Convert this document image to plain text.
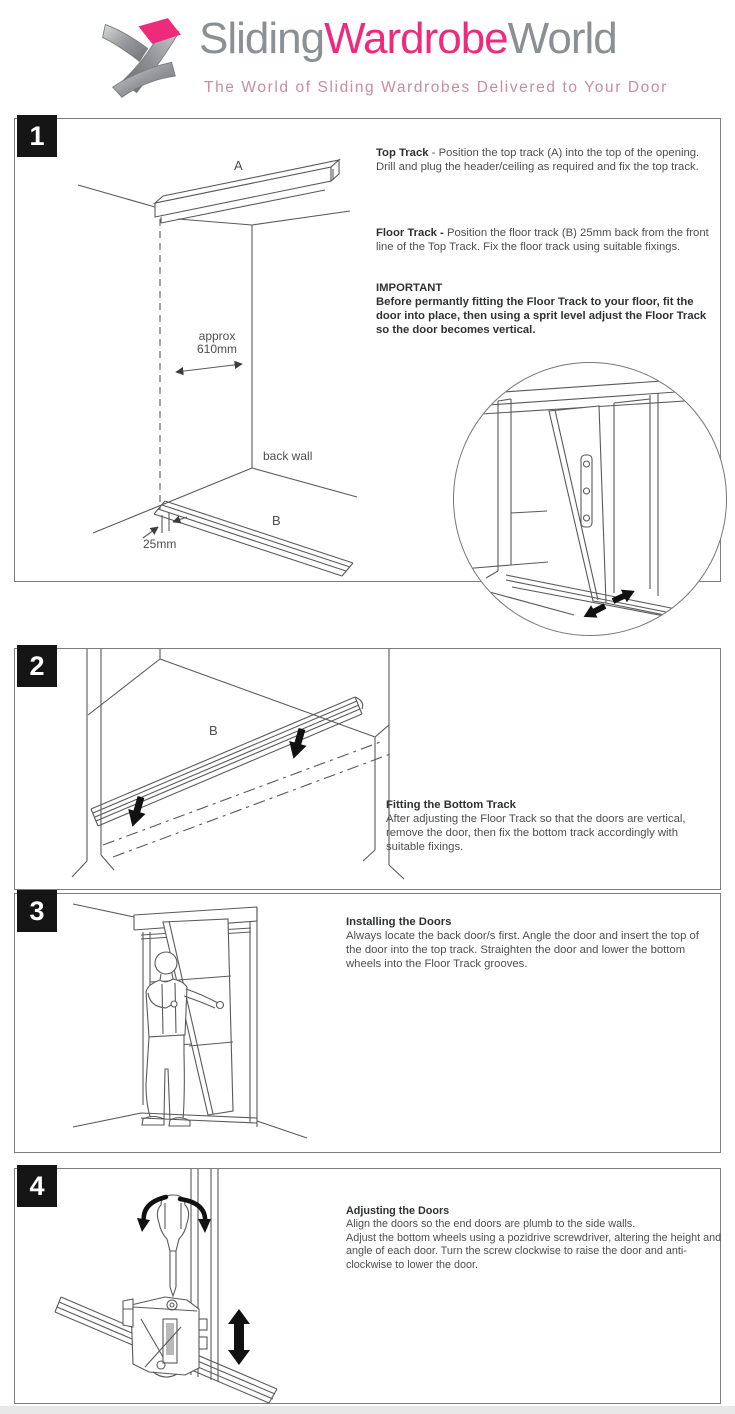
SlidingWardrobeWorld
The World of Sliding Wardrobes Delivered to Your Door
1
A
approx
610mm
back wall
B
25mm

Top Track - Position the top track (A) into the top of the opening. Drill and plug the header/ceiling as required and fix the top track.

Floor Track - Position the floor track (B) 25mm back from the front line of the Top Track. Fix the floor track using suitable fixings.

IMPORTANT
Before permantly fitting the Floor Track to your floor, fit the door into place, then using a sprit level adjust the Floor Track so the door becomes vertical.

2
B
Fitting the Bottom Track
After adjusting the Floor Track so that the doors are vertical, remove the door, then fix the bottom track accordingly with suitable fixings.
3	Installing the Doors
Always locate the back door/s first. Angle the door and insert the top of the door into the top track. Straighten the door and lower the bottom wheels into the Floor Track grooves.
4

Adjusting the Doors
Align the doors so the end doors are plumb to the side walls.
Adjust the bottom wheels using a pozidrive screwdriver, altering the height and angle of each door. Turn the screw clockwise to raise the door and anti-clockwise to lower the door.
